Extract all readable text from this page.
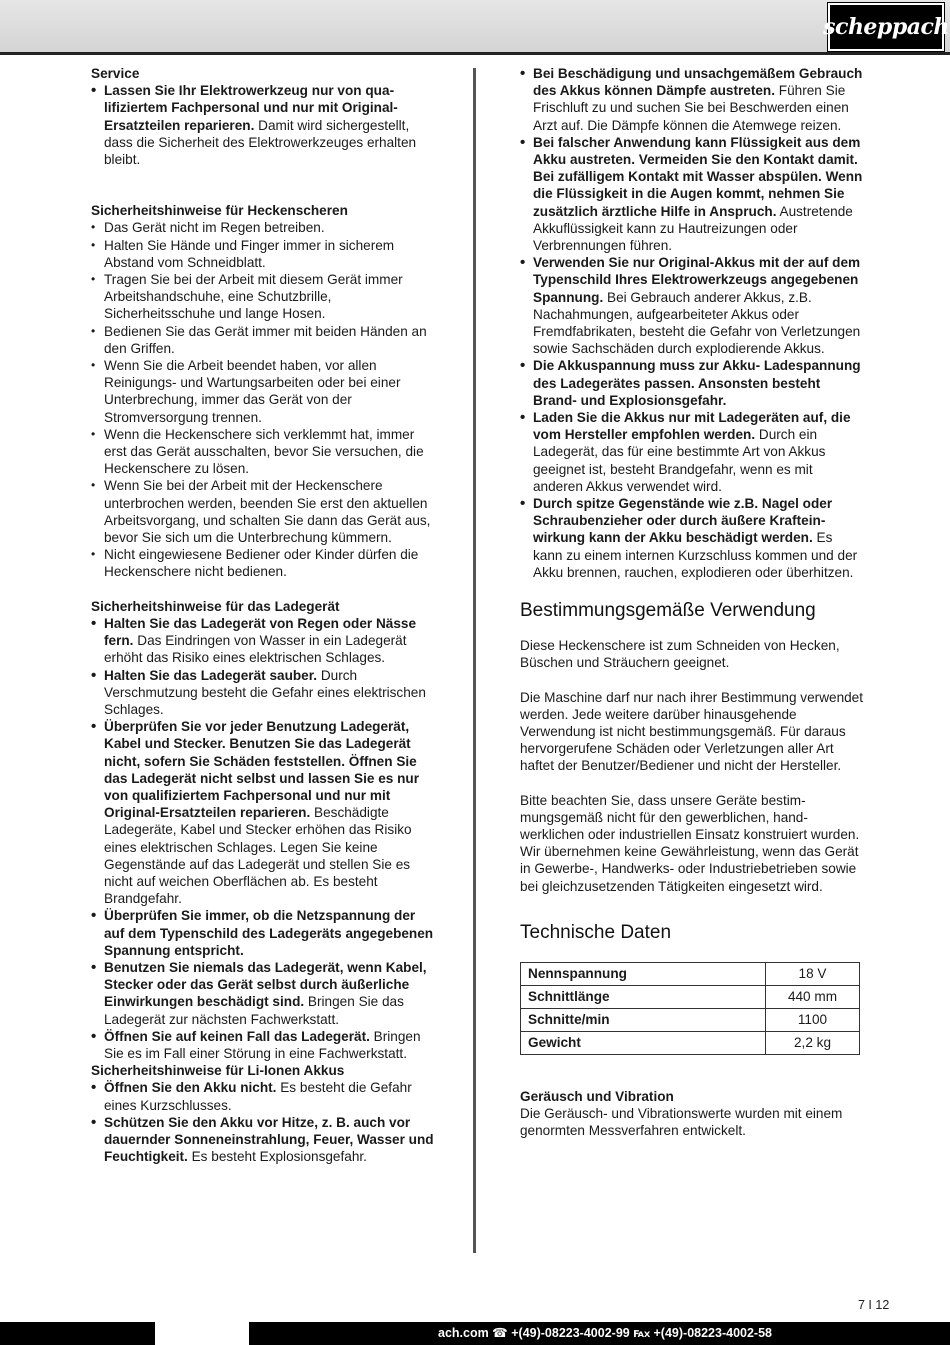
scheppach

Service

• Lassen Sie Ihr Elektrowerkzeug nur von qualifiziertem Fachpersonal und nur mit Original-Ersatzteilen reparieren. Damit wird sichergestellt, dass die Sicherheit des Elektrowerkzeuges erhalten bleibt.

Sicherheitshinweise für Heckenscheren

• Das Gerät nicht im Regen betreiben.
• Halten Sie Hände und Finger immer in sicherem Abstand vom Schneidblatt.
• Tragen Sie bei der Arbeit mit diesem Gerät immer Arbeitshandschuhe, eine Schutzbrille, Sicherheitsschuhe und lange Hosen.
• Bedienen Sie das Gerät immer mit beiden Händen an den Griffen.
• Wenn Sie die Arbeit beendet haben, vor allen Reinigungs- und Wartungsarbeiten oder bei einer Unterbrechung, immer das Gerät von der Stromversorgung trennen.
• Wenn die Heckenschere sich verklemmt hat, immer erst das Gerät ausschalten, bevor Sie versuchen, die Heckenschere zu lösen.
• Wenn Sie bei der Arbeit mit der Heckenschere unterbrochen werden, beenden Sie erst den aktuellen Arbeitsvorgang, und schalten Sie dann das Gerät aus, bevor Sie sich um die Unterbrechung kümmern.
• Nicht eingewiesene Bediener oder Kinder dürfen die Heckenschere nicht bedienen.

Sicherheitshinweise für das Ladegerät

• Halten Sie das Ladegerät von Regen oder Nässe fern. Das Eindringen von Wasser in ein Ladegerät erhöht das Risiko eines elektrischen Schlages.
• Halten Sie das Ladegerät sauber. Durch Verschmutzung besteht die Gefahr eines elektrischen Schlages.
• Überprüfen Sie vor jeder Benutzung Ladegerät, Kabel und Stecker. Benutzen Sie das Ladegerät nicht, sofern Sie Schäden feststellen. Öffnen Sie das Ladegerät nicht selbst und lassen Sie es nur von qualifiziertem Fachpersonal und nur mit Original-Ersatzteilen reparieren. Beschädigte Ladegeräte, Kabel und Stecker erhöhen das Risiko eines elektrischen Schlages. Legen Sie keine Gegenstände auf das Ladegerät und stellen Sie es nicht auf weichen Oberflächen ab. Es besteht Brandgefahr.
• Überprüfen Sie immer, ob die Netzspannung der auf dem Typenschild des Ladegeräts angegebenen Spannung entspricht.
• Benutzen Sie niemals das Ladegerät, wenn Kabel, Stecker oder das Gerät selbst durch äußerliche Einwirkungen beschädigt sind. Bringen Sie das Ladegerät zur nächsten Fachwerkstatt.
• Öffnen Sie auf keinen Fall das Ladegerät. Bringen Sie es im Fall einer Störung in eine Fachwerkstatt.

Sicherheitshinweise für Li-Ionen Akkus

• Öffnen Sie den Akku nicht. Es besteht die Gefahr eines Kurzschlusses.
• Schützen Sie den Akku vor Hitze, z. B. auch vor dauernder Sonneneinstrahlung, Feuer, Wasser und Feuchtigkeit. Es besteht Explosionsgefahr.
• Bei Beschädigung und unsachgemäßem Gebrauch des Akkus können Dämpfe austreten. Führen Sie Frischluft zu und suchen Sie bei Beschwerden einen Arzt auf. Die Dämpfe können die Atemwege reizen.
• Bei falscher Anwendung kann Flüssigkeit aus dem Akku austreten. Vermeiden Sie den Kontakt damit. Bei zufälligem Kontakt mit Wasser abspülen. Wenn die Flüssigkeit in die Augen kommt, nehmen Sie zusätzlich ärztliche Hilfe in Anspruch. Austretende Akkuflüssigkeit kann zu Hautreizungen oder Verbrennungen führen.
• Verwenden Sie nur Original-Akkus mit der auf dem Typenschild Ihres Elektrowerkzeugs angegebenen Spannung. Bei Gebrauch anderer Akkus, z.B. Nachahmungen, aufgearbeiteter Akkus oder Fremdfabrikaten, besteht die Gefahr von Verletzungen sowie Sachschäden durch explodierende Akkus.
• Die Akkuspannung muss zur Akku- Ladespannung des Ladegerätes passen. Ansonsten besteht Brand- und Explosionsgefahr.
• Laden Sie die Akkus nur mit Ladegeräten auf, die vom Hersteller empfohlen werden. Durch ein Ladegerät, das für eine bestimmte Art von Akkus geeignet ist, besteht Brandgefahr, wenn es mit anderen Akkus verwendet wird.
• Durch spitze Gegenstände wie z.B. Nagel oder Schraubenzieher oder durch äußere Krafteinwirkung kann der Akku beschädigt werden. Es kann zu einem internen Kurzschluss kommen und der Akku brennen, rauchen, explodieren oder überhitzen.
Bestimmungsgemäße Verwendung

Diese Heckenschere ist zum Schneiden von Hecken, Büschen und Sträuchern geeignet.

Die Maschine darf nur nach ihrer Bestimmung verwendet werden. Jede weitere darüber hinausgehende Verwendung ist nicht bestimmungsgemäß. Für daraus hervorgerufene Schäden oder Verletzungen aller Art haftet der Benutzer/Bediener und nicht der Hersteller.

Bitte beachten Sie, dass unsere Geräte bestimmungsgemäß nicht für den gewerblichen, handwerklichen oder industriellen Einsatz konstruiert wurden. Wir übernehmen keine Gewährleistung, wenn das Gerät in Gewerbe-, Handwerks- oder Industriebetrieben sowie bei gleichzusetzenden Tätigkeiten eingesetzt wird.

Technische Daten
Nennspannung	18 V
Schnittlänge	440 mm
Schnitte/min	1100
Gewicht	2,2 kg

Geräusch und Vibration

Die Geräusch- und Vibrationswerte wurden mit einem genormten Messverfahren entwickelt.

7 I 12
ach.com ☎ +(49)-08223-4002-99 ℻ +(49)-08223-4002-58
